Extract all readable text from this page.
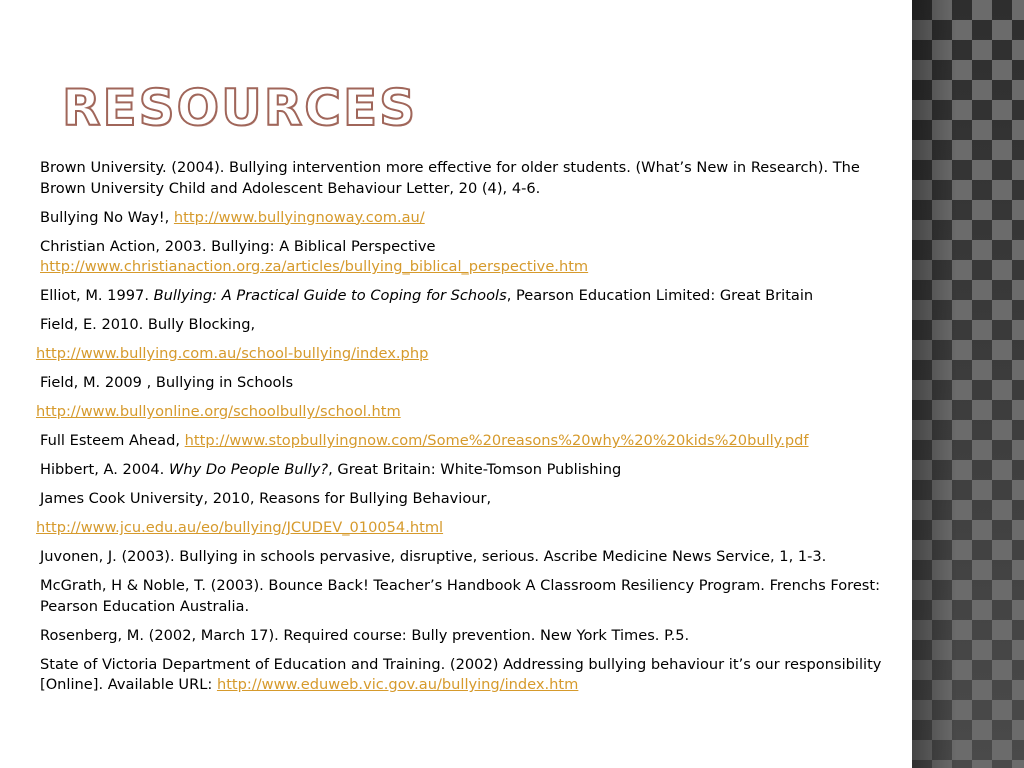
RESOURCES

Brown University. (2004). Bullying intervention more effective for older students. (What’s New in Research). The Brown University Child and Adolescent Behaviour Letter, 20 (4), 4-6.

Bullying No Way!, http://www.bullyingnoway.com.au/

Christian Action, 2003. Bullying: A Biblical Perspective
http://www.christianaction.org.za/articles/bullying_biblical_perspective.htm

Elliot, M. 1997. Bullying: A Practical Guide to Coping for Schools, Pearson Education Limited: Great Britain

Field, E. 2010. Bully Blocking,

http://www.bullying.com.au/school-bullying/index.php

Field, M. 2009 , Bullying in Schools

http://www.bullyonline.org/schoolbully/school.htm

Full Esteem Ahead, http://www.stopbullyingnow.com/Some%20reasons%20why%20%20kids%20bully.pdf

Hibbert, A. 2004. Why Do People Bully?, Great Britain: White-Tomson Publishing

James Cook University, 2010, Reasons for Bullying Behaviour,

http://www.jcu.edu.au/eo/bullying/JCUDEV_010054.html

Juvonen, J. (2003). Bullying in schools pervasive, disruptive, serious. Ascribe Medicine News Service, 1, 1-3.

McGrath, H & Noble, T. (2003). Bounce Back! Teacher’s Handbook A Classroom Resiliency Program. Frenchs Forest: Pearson Education Australia.

Rosenberg, M. (2002, March 17). Required course: Bully prevention. New York Times. P.5.

State of Victoria Department of Education and Training. (2002) Addressing bullying behaviour it’s our responsibility [Online]. Available URL: http://www.eduweb.vic.gov.au/bullying/index.htm
